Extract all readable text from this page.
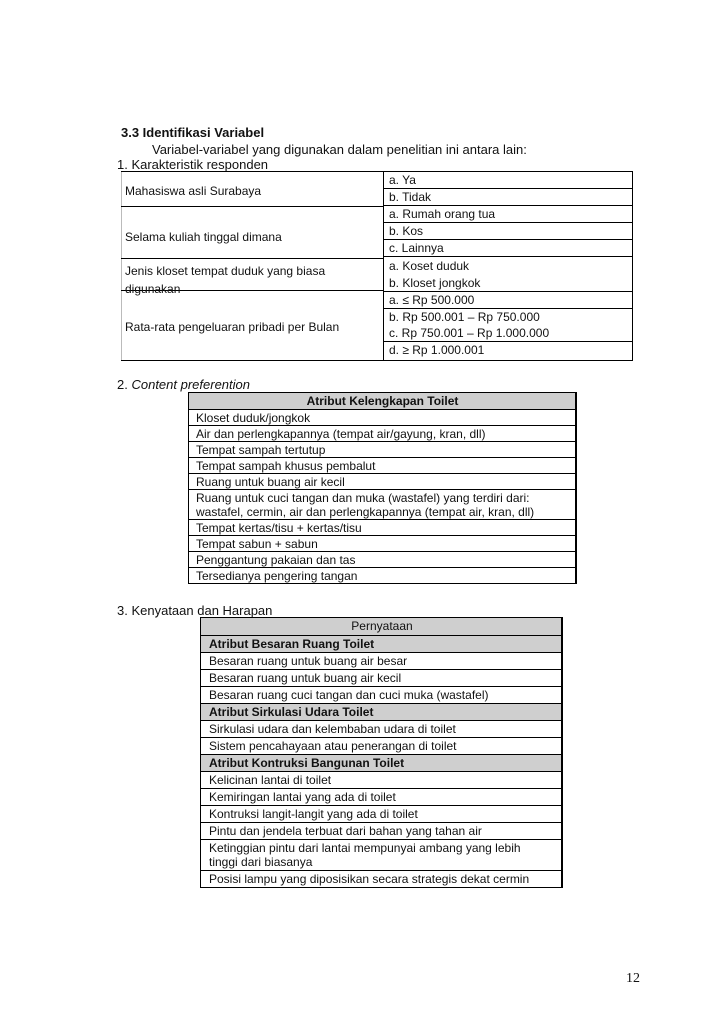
3.3 Identifikasi Variabel
Variabel-variabel yang digunakan dalam penelitian ini antara lain:
1. Karakteristik responden
Mahasiswa asli Surabaya
Selama kuliah tinggal dimana
Jenis kloset tempat duduk yang biasa
digunakan
Rata-rata pengeluaran pribadi per Bulan
a. Ya
b. Tidak
a. Rumah orang tua
b. Kos
c. Lainnya
a. Koset duduk
b. Kloset jongkok
a. ≤ Rp 500.000
b. Rp 500.001 – Rp 750.000
c. Rp 750.001 – Rp 1.000.000
d. ≥ Rp 1.000.001
2. Content preferention
Atribut Kelengkapan Toilet
Kloset duduk/jongkok
Air dan perlengkapannya (tempat air/gayung, kran, dll)
Tempat sampah tertutup
Tempat sampah khusus pembalut
Ruang untuk buang air kecil
Ruang untuk cuci tangan dan muka (wastafel) yang terdiri dari:
wastafel, cermin, air dan perlengkapannya (tempat air, kran, dll)
Tempat kertas/tisu + kertas/tisu
Tempat sabun + sabun
Penggantung pakaian dan tas
Tersedianya pengering tangan
3. Kenyataan dan Harapan
Pernyataan
Atribut Besaran Ruang Toilet
Besaran ruang untuk buang air besar
Besaran ruang untuk buang air kecil
Besaran ruang cuci tangan dan cuci muka (wastafel)
Atribut Sirkulasi Udara Toilet
Sirkulasi udara dan kelembaban udara di toilet
Sistem pencahayaan atau penerangan di toilet
Atribut Kontruksi Bangunan Toilet
Kelicinan lantai di toilet
Kemiringan lantai yang ada di toilet
Kontruksi langit-langit yang ada di toilet
Pintu dan jendela terbuat dari bahan yang tahan air
Ketinggian pintu dari lantai mempunyai ambang yang lebih
tinggi dari biasanya
Posisi lampu yang diposisikan secara strategis dekat cermin
12
